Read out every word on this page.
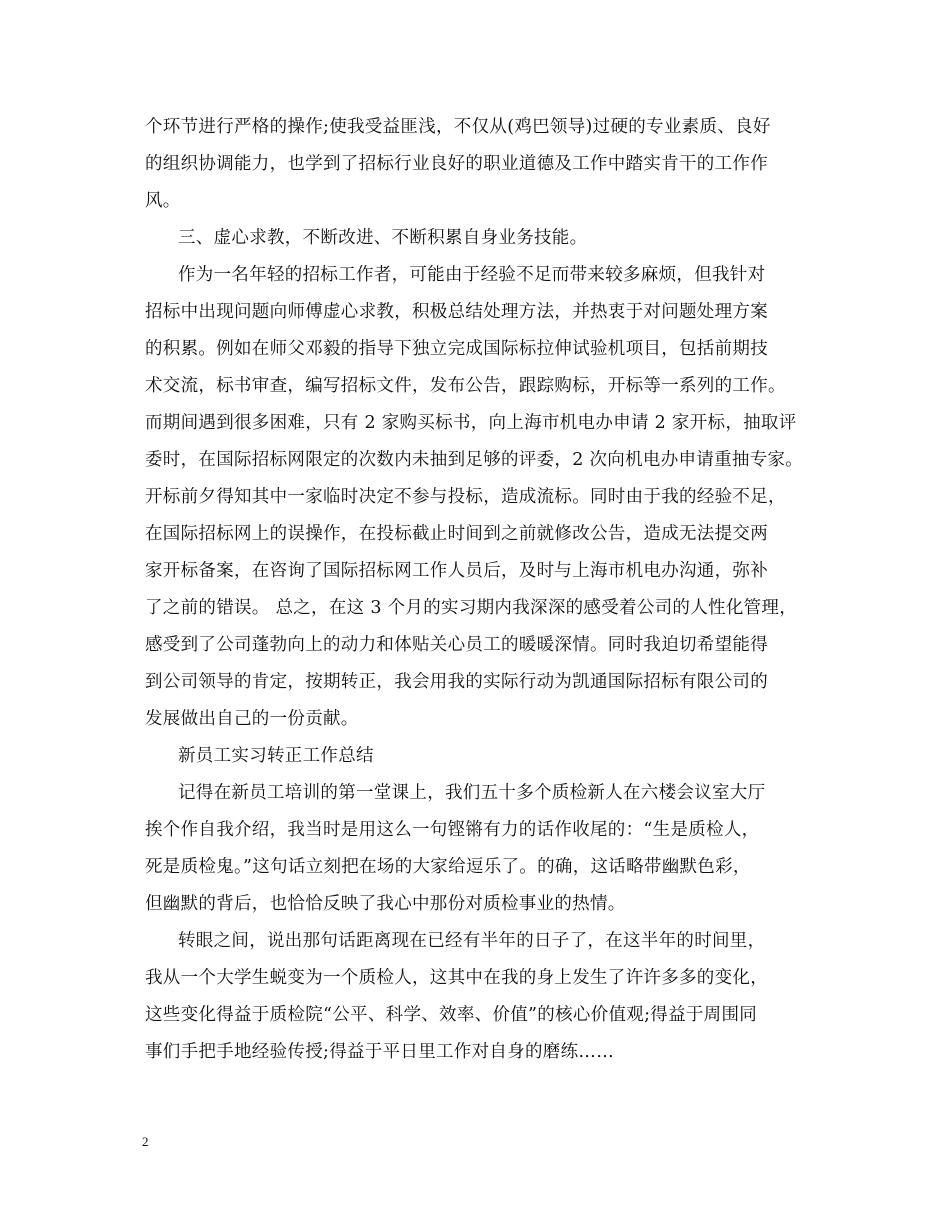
个环节进行严格的操作;使我受益匪浅，不仅从(鸡巴领导)过硬的专业素质、良好
的组织协调能力，也学到了招标行业良好的职业道德及工作中踏实肯干的工作作
风。
三、虚心求教，不断改进、不断积累自身业务技能。
作为一名年轻的招标工作者，可能由于经验不足而带来较多麻烦，但我针对
招标中出现问题向师傅虚心求教，积极总结处理方法，并热衷于对问题处理方案
的积累。例如在师父邓毅的指导下独立完成国际标拉伸试验机项目，包括前期技
术交流，标书审查，编写招标文件，发布公告，跟踪购标，开标等一系列的工作。
而期间遇到很多困难，只有 2 家购买标书，向上海市机电办申请 2 家开标，抽取评
委时，在国际招标网限定的次数内未抽到足够的评委，2 次向机电办申请重抽专家。
开标前夕得知其中一家临时决定不参与投标，造成流标。同时由于我的经验不足，
在国际招标网上的误操作，在投标截止时间到之前就修改公告，造成无法提交两
家开标备案，在咨询了国际招标网工作人员后，及时与上海市机电办沟通，弥补
了之前的错误。 总之，在这 3 个月的实习期内我深深的感受着公司的人性化管理，
感受到了公司蓬勃向上的动力和体贴关心员工的暖暖深情。同时我迫切希望能得
到公司领导的肯定，按期转正，我会用我的实际行动为凯通国际招标有限公司的
发展做出自己的一份贡献。
新员工实习转正工作总结
记得在新员工培训的第一堂课上，我们五十多个质检新人在六楼会议室大厅
挨个作自我介绍，我当时是用这么一句铿锵有力的话作收尾的：“生是质检人，
死是质检鬼。”这句话立刻把在场的大家给逗乐了。的确，这话略带幽默色彩，
但幽默的背后，也恰恰反映了我心中那份对质检事业的热情。
转眼之间，说出那句话距离现在已经有半年的日子了，在这半年的时间里，
我从一个大学生蜕变为一个质检人，这其中在我的身上发生了许许多多的变化，
这些变化得益于质检院“公平、科学、效率、价值”的核心价值观;得益于周围同
事们手把手地经验传授;得益于平日里工作对自身的磨练……
2
